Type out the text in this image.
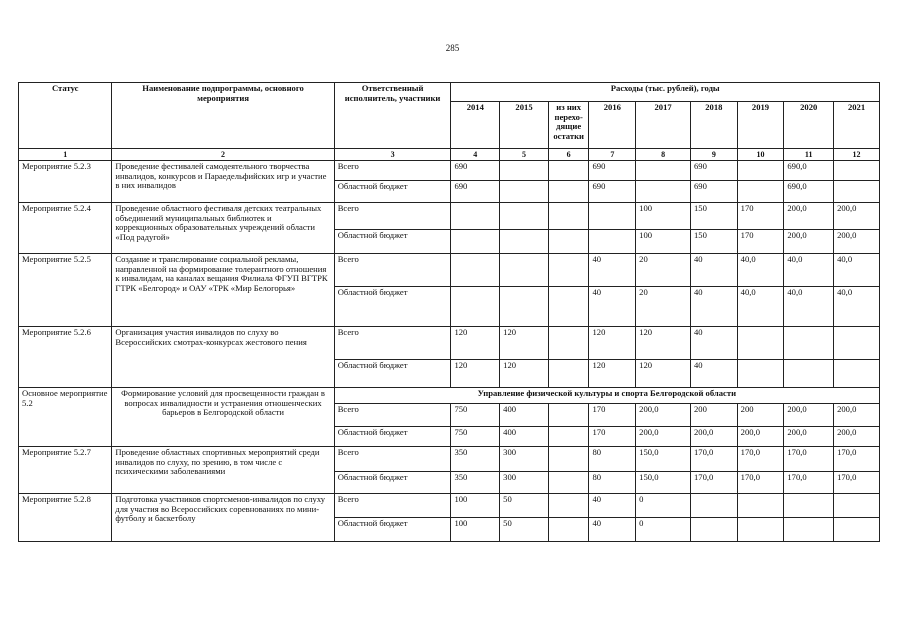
285
Статус	Наименование подпрограммы, основного мероприятия	Ответственный исполнитель, участники	Расходы (тыс. рублей), годы								
			2014	2015	из них перехо-дящие остатки	2016	2017	2018	2019	2020	2021
1	2	3	4	5	6	7	8	9	10	11	12
Мероприятие 5.2.3	Проведение фестивалей самодеятельного творчества инвалидов, конкурсов и Параедельфийских игр и участие в них инвалидов	Всего	690			690		690		690,0	
		Областной бюджет	690			690		690		690,0	
Мероприятие 5.2.4	Проведение областного фестиваля детских театральных объединений муниципальных библиотек и коррекционных образовательных учреждений области «Под радугой»	Всего					100	150	170	200,0	200,0
		Областной бюджет					100	150	170	200,0	200,0
Мероприятие 5.2.5	Создание и транслирование социальной рекламы, направленной на формирование толерантного отношения к инвалидам, на каналах вещания Филиала ФГУП ВГТРК ГТРК «Белгород» и ОАУ «ТРК «Мир Белогорья»	Всего				40	20	40	40,0	40,0	40,0
		Областной бюджет				40	20	40	40,0	40,0	40,0
Мероприятие 5.2.6	Организация участия инвалидов по слуху во Всероссийских смотрах-конкурсах жестового пения	Всего	120	120		120	120	40			
		Областной бюджет	120	120		120	120	40			
Основное мероприятие 5.2	Формирование условий для просвещенности граждан в вопросах инвалидности и устранения отношенческих барьеров в Белгородской области	Управление физической культуры и спорта Белгородской области									
		Всего	750	400		170	200,0	200	200	200,0	200,0
		Областной бюджет	750	400		170	200,0	200,0	200,0	200,0	200,0
Мероприятие 5.2.7	Проведение областных спортивных мероприятий среди инвалидов по слуху, по зрению, в том числе с психическими заболеваниями	Всего	350	300		80	150,0	170,0	170,0	170,0	170,0
		Областной бюджет	350	300		80	150,0	170,0	170,0	170,0	170,0
Мероприятие 5.2.8	Подготовка участников спортсменов-инвалидов по слуху для участия во Всероссийских соревнованиях по мини-футболу и баскетболу	Всего	100	50		40	0				
		Областной бюджет	100	50		40	0				
